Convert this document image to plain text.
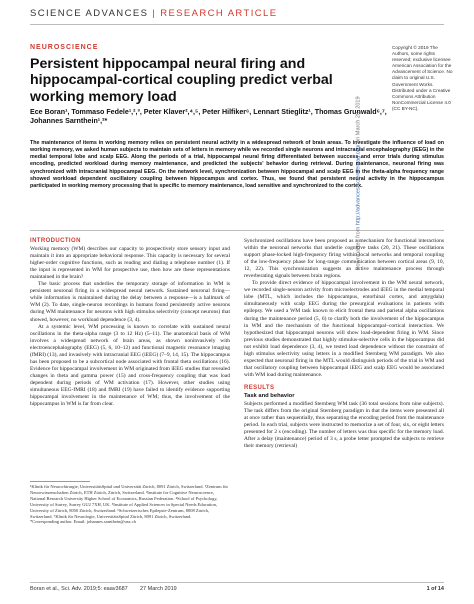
SCIENCE ADVANCES | RESEARCH ARTICLE
NEUROSCIENCE
Persistent hippocampal neural firing and hippocampal-cortical coupling predict verbal working memory load
Ece Boran¹, Tommaso Fedele¹,²,³, Peter Klaver²,⁴,⁵, Peter Hilfiker⁶, Lennart Stieglitz¹, Thomas Grunwald⁶,⁷, Johannes Sarnthein¹,²*
Copyright © 2019 The Authors, some rights reserved; exclusive licensee American Association for the Advancement of Science. No claim to original U.S. Government Works. Distributed under a Creative Commons Attribution NonCommercial License 4.0 (CC BY-NC).
The maintenance of items in working memory relies on persistent neural activity in a widespread network of brain areas. To investigate the influence of load on working memory, we asked human subjects to maintain sets of letters in memory while we recorded single neurons and intracranial encephalography (iEEG) in the medial temporal lobe and scalp EEG. Along the periods of a trial, hippocampal neural firing differentiated between success and error trials during stimulus encoding, predicted workload during memory maintenance, and predicted the subjects' behavior during retrieval. During maintenance, neuronal firing was synchronized with intracranial hippocampal EEG. On the network level, synchronization between hippocampal and scalp EEG in the theta-alpha frequency range showed workload dependent oscillatory coupling between hippocampus and cortex. Thus, we found that persistent neural activity in the hippocampus participated in working memory processing that is specific to memory maintenance, load sensitive and synchronized to the cortex.
INTRODUCTION

Working memory (WM) describes our capacity to prospectively store sensory input and maintain it into an appropriate behavioral response. This capacity is necessary for several higher-order cognitive functions, such as reading and dialing a telephone number (1). If the input is represented in WM for prospective use, then how are these representations maintained in the brain?

The basic process that underlies the temporary storage of information in WM is persistent neuronal firing in a widespread neural network. Sustained neuronal firing—while information is maintained during the delay between a response—is a hallmark of WM (2). To date, single-neuron recordings in humans found persistently active neurons during WM maintenance for neurons with high stimulus selectivity (concept neurons) that showed, however, no workload dependence (3, 4).

At a systemic level, WM processing is known to correlate with sustained neural oscillations in the theta-alpha range (3 to 12 Hz) (5–11). The anatomical basis of WM involves a widespread network of brain areas, as shown noninvasively with electroencephalography (EEG) (5, 6, 10–12) and functional magnetic resonance imaging (fMRI) (13), and invasively with intracranial EEG (iEEG) (7–9, 14, 15). The hippocampus has been proposed to be a subcortical node associated with frontal theta oscillations (16). Evidence for hippocampal involvement in WM originated from iEEG studies that revealed changes in theta and gamma power (15) and cross-frequency coupling that was load dependent during periods of WM activation (17). However, other studies using simultaneous EEG-fMRI (18) and fMRI (19) have failed to identify evidence supporting hippocampal involvement in the maintenance of WM; thus, the involvement of the hippocampus in WM is far from clear.

¹Klinik für Neurochirurgie, UniversitätsSpital und Universität Zürich, 8091 Zürich, Switzerland. ²Zentrum für Neurowissenschaften Zürich, ETH Zürich, Zürich, Switzerland. ³Institute for Cognitive Neuroscience, National Research University Higher School of Economics, Russian Federation. ⁴School of Psychology, University of Surrey, Surrey GU2 7XH, UK. ⁵Institute of Applied Sciences in Special Needs Education, University of Zürich, 8050 Zürich, Switzerland. ⁶Schweizerisches Epilepsie-Zentrum, 8008 Zürich, Switzerland. ⁷Klinik für Neurologie, UniversitätsSpital Zürich, 8091 Zürich, Switzerland.
*Corresponding author. Email: johannes.sarnthein@usz.ch

Synchronized oscillations have been proposed as a mechanism for functional interactions within the neuronal networks that underlie cognitive tasks (20, 21). These oscillations support phase-locked high-frequency firing within local networks and temporal coupling of the low-frequency phase for long-range communication between cortical areas (9, 10, 12, 22). This synchronization suggests an active maintenance process through reverberating signals between brain regions.

To provide direct evidence of hippocampal involvement in the WM neural network, we recorded single-neuron activity from microelectrodes and iEEG in the medial temporal lobe (MTL, which includes the hippocampus, entorhinal cortex, and amygdala) simultaneously with scalp EEG during the presurgical evaluations in patients with epilepsy. We used a WM task known to elicit frontal theta and parietal alpha oscillations during the maintenance period (5, 6) to clarify both the involvement of the hippocampus in WM and the mechanism of the functional hippocampal–cortical interaction. We hypothesized that hippocampal neurons will show load-dependent firing in WM. Since previous studies demonstrated that highly stimulus-selective cells in the hippocampus did not exhibit load dependence (3, 4), we tested load dependence without the constraint of high stimulus selectivity using letters in a modified Sternberg WM paradigm. We also expected that neuronal firing in the MTL would distinguish periods of the trial in WM and that oscillatory coupling between hippocampal iEEG and scalp EEG would be associated with WM load during maintenance.

RESULTS
Task and behavior

Subjects performed a modified Sternberg WM task (36 total sessions from nine subjects). The task differs from the original Sternberg paradigm in that the items were presented all at once rather than sequentially, thus separating the encoding period from the maintenance period. In each trial, subjects were instructed to memorize a set of four, six, or eight letters presented for 2 s (encoding). The number of letters was thus specific for the memory load. After a delay (maintenance) period of 3 s, a probe letter prompted the subjects to retrieve their memory (retrieval)

Downloaded from http://advances.sciencemag.org/ on March 28, 2019
Boran et al., Sci. Adv. 2019;5: eaav3687 27 March 2019	1 of 14
